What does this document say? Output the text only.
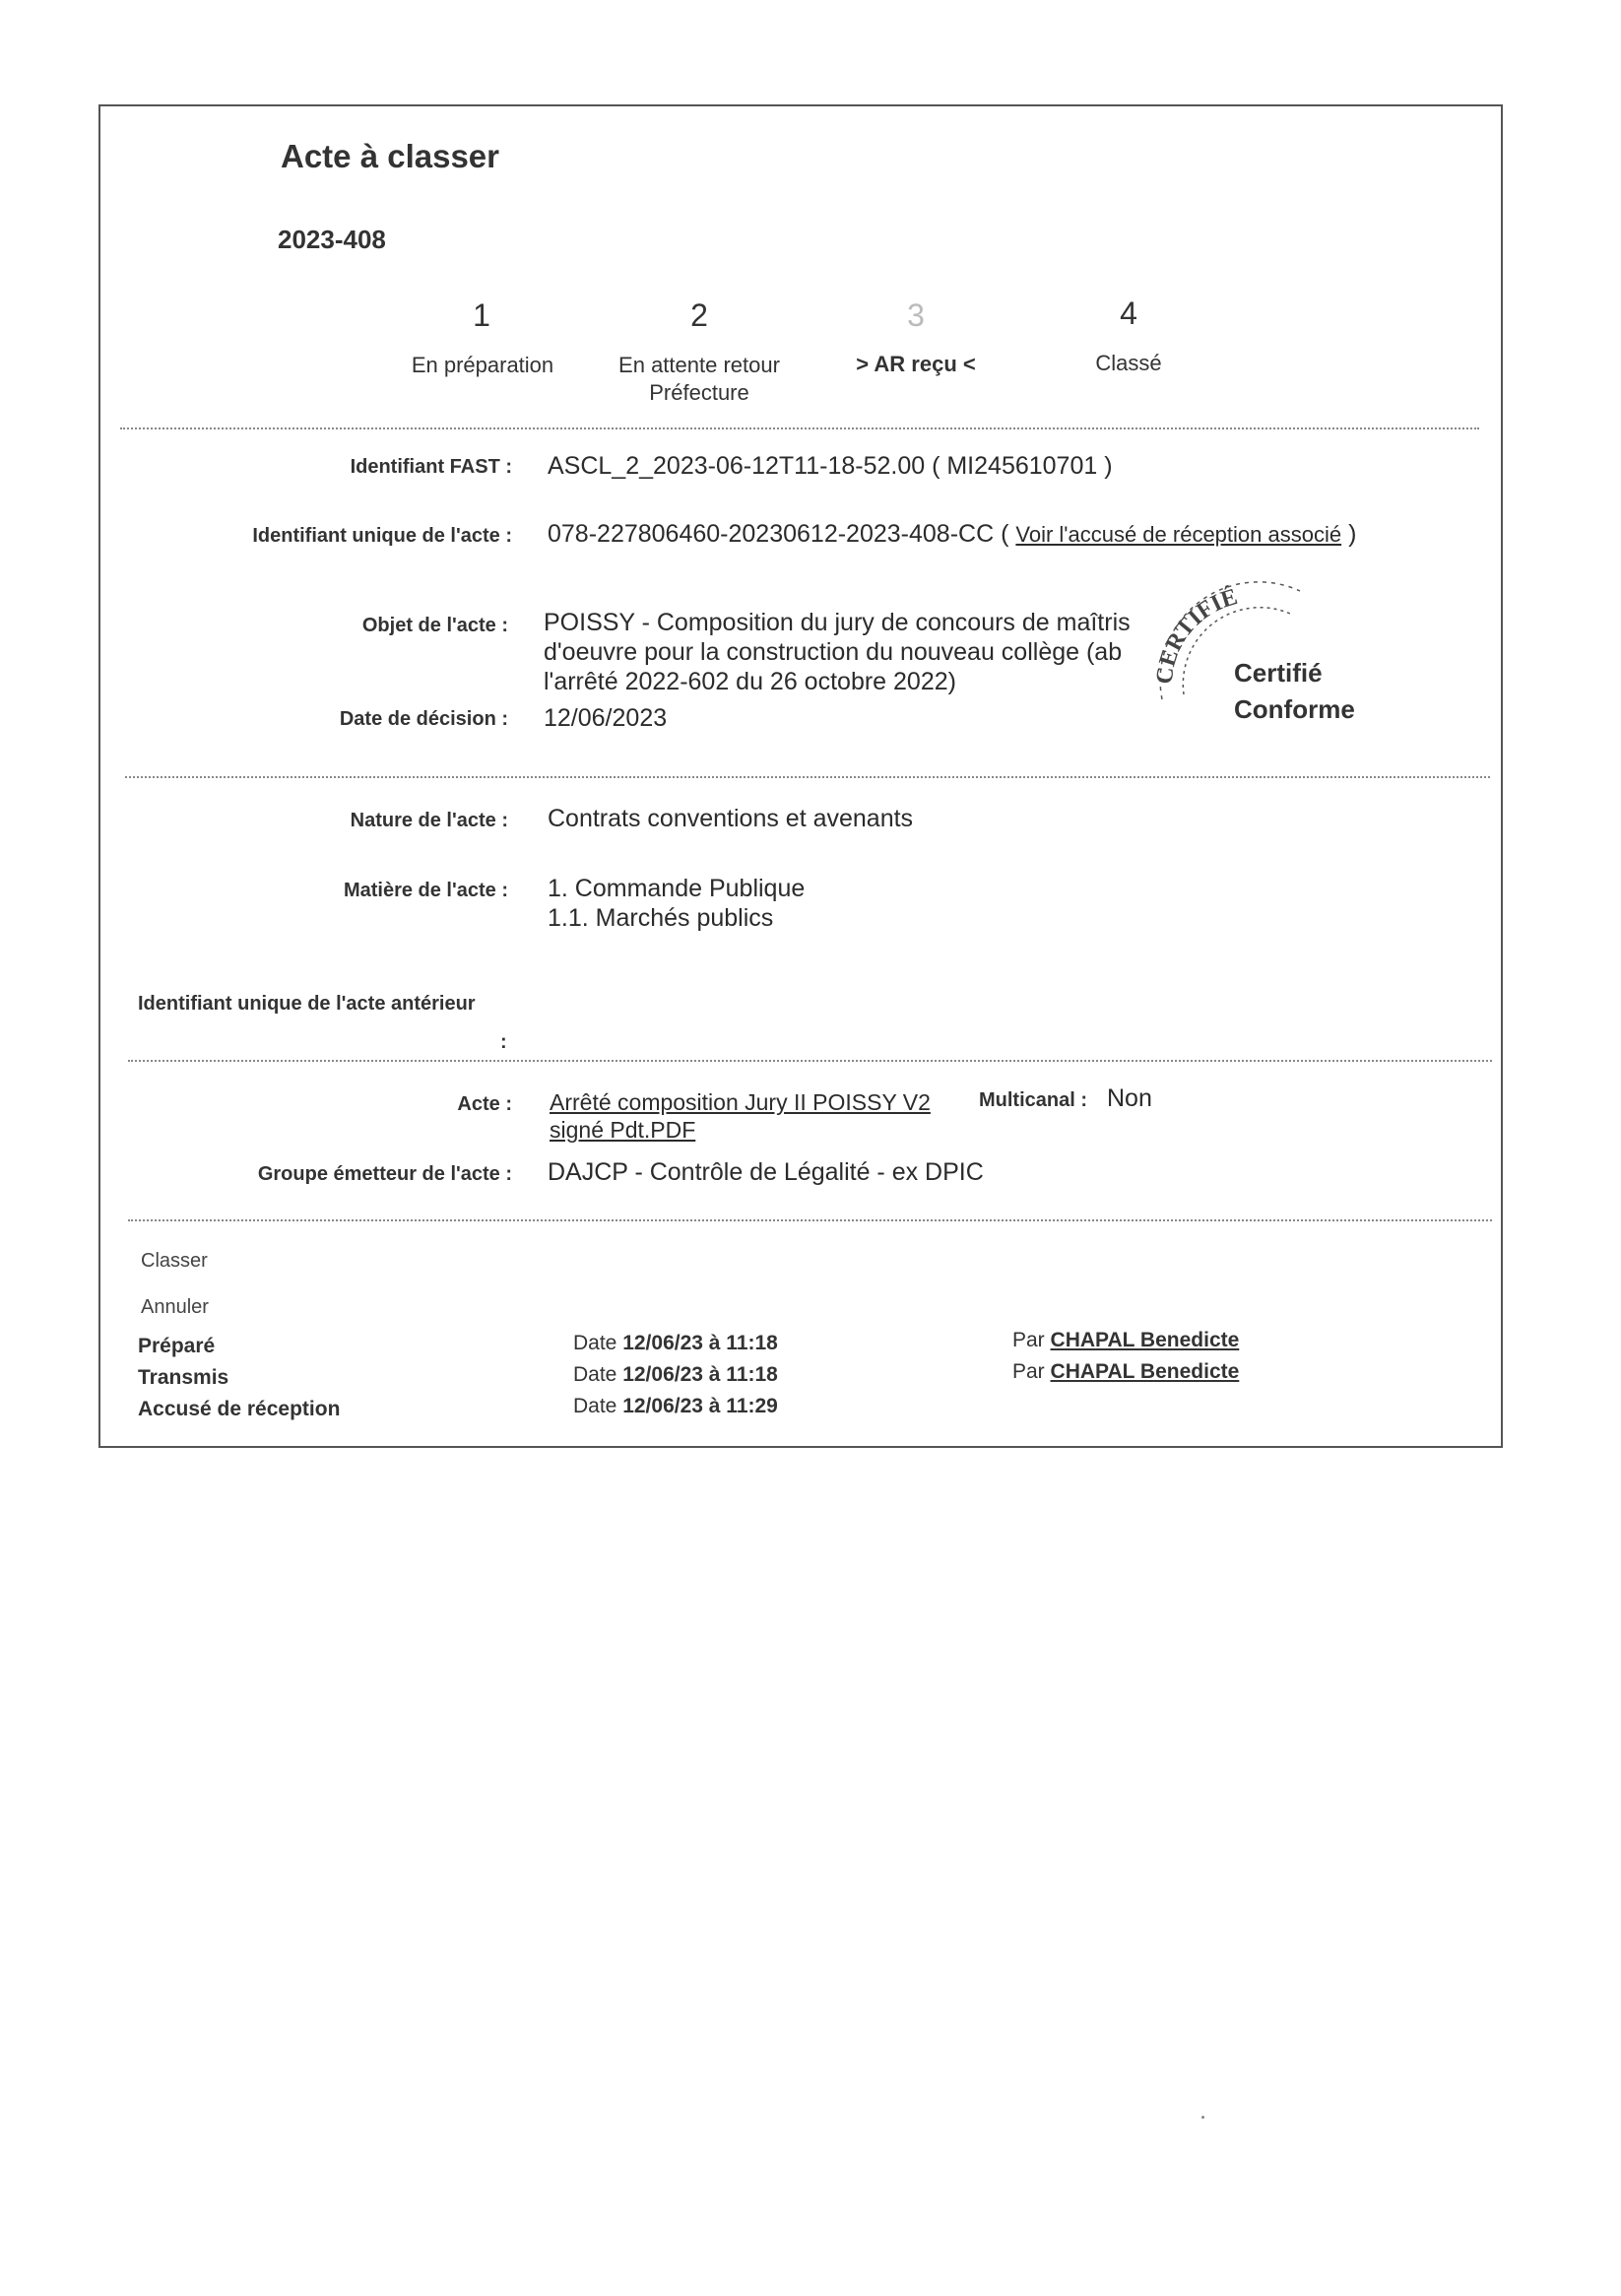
Acte à classer
2023-408
1
En préparation
2
En attente retour
Préfecture
3
> AR reçu <
4
Classé
Identifiant FAST : ASCL_2_2023-06-12T11-18-52.00 ( MI245610701 )
Identifiant unique de l'acte : 078-227806460-20230612-2023-408-CC ( Voir l'accusé de réception associé )
Objet de l'acte : POISSY - Composition du jury de concours de maîtris
d'oeuvre pour la construction du nouveau collège (ab
l'arrêté 2022-602 du 26 octobre 2022)
Date de décision : 12/06/2023
CERTIFIÉ
Certifié
Conforme
Nature de l'acte : Contrats conventions et avenants
Matière de l'acte : 1. Commande Publique
1.1. Marchés publics
Identifiant unique de l'acte antérieur
:
Acte : Arrêté composition Jury II POISSY V2
signé Pdt.PDF
Multicanal : Non
Groupe émetteur de l'acte : DAJCP - Contrôle de Légalité - ex DPIC
Classer
Annuler
Préparé	Date 12/06/23 à 11:18	Par CHAPAL Benedicte
Transmis	Date 12/06/23 à 11:18	Par CHAPAL Benedicte
Accusé de réception	Date 12/06/23 à 11:29
